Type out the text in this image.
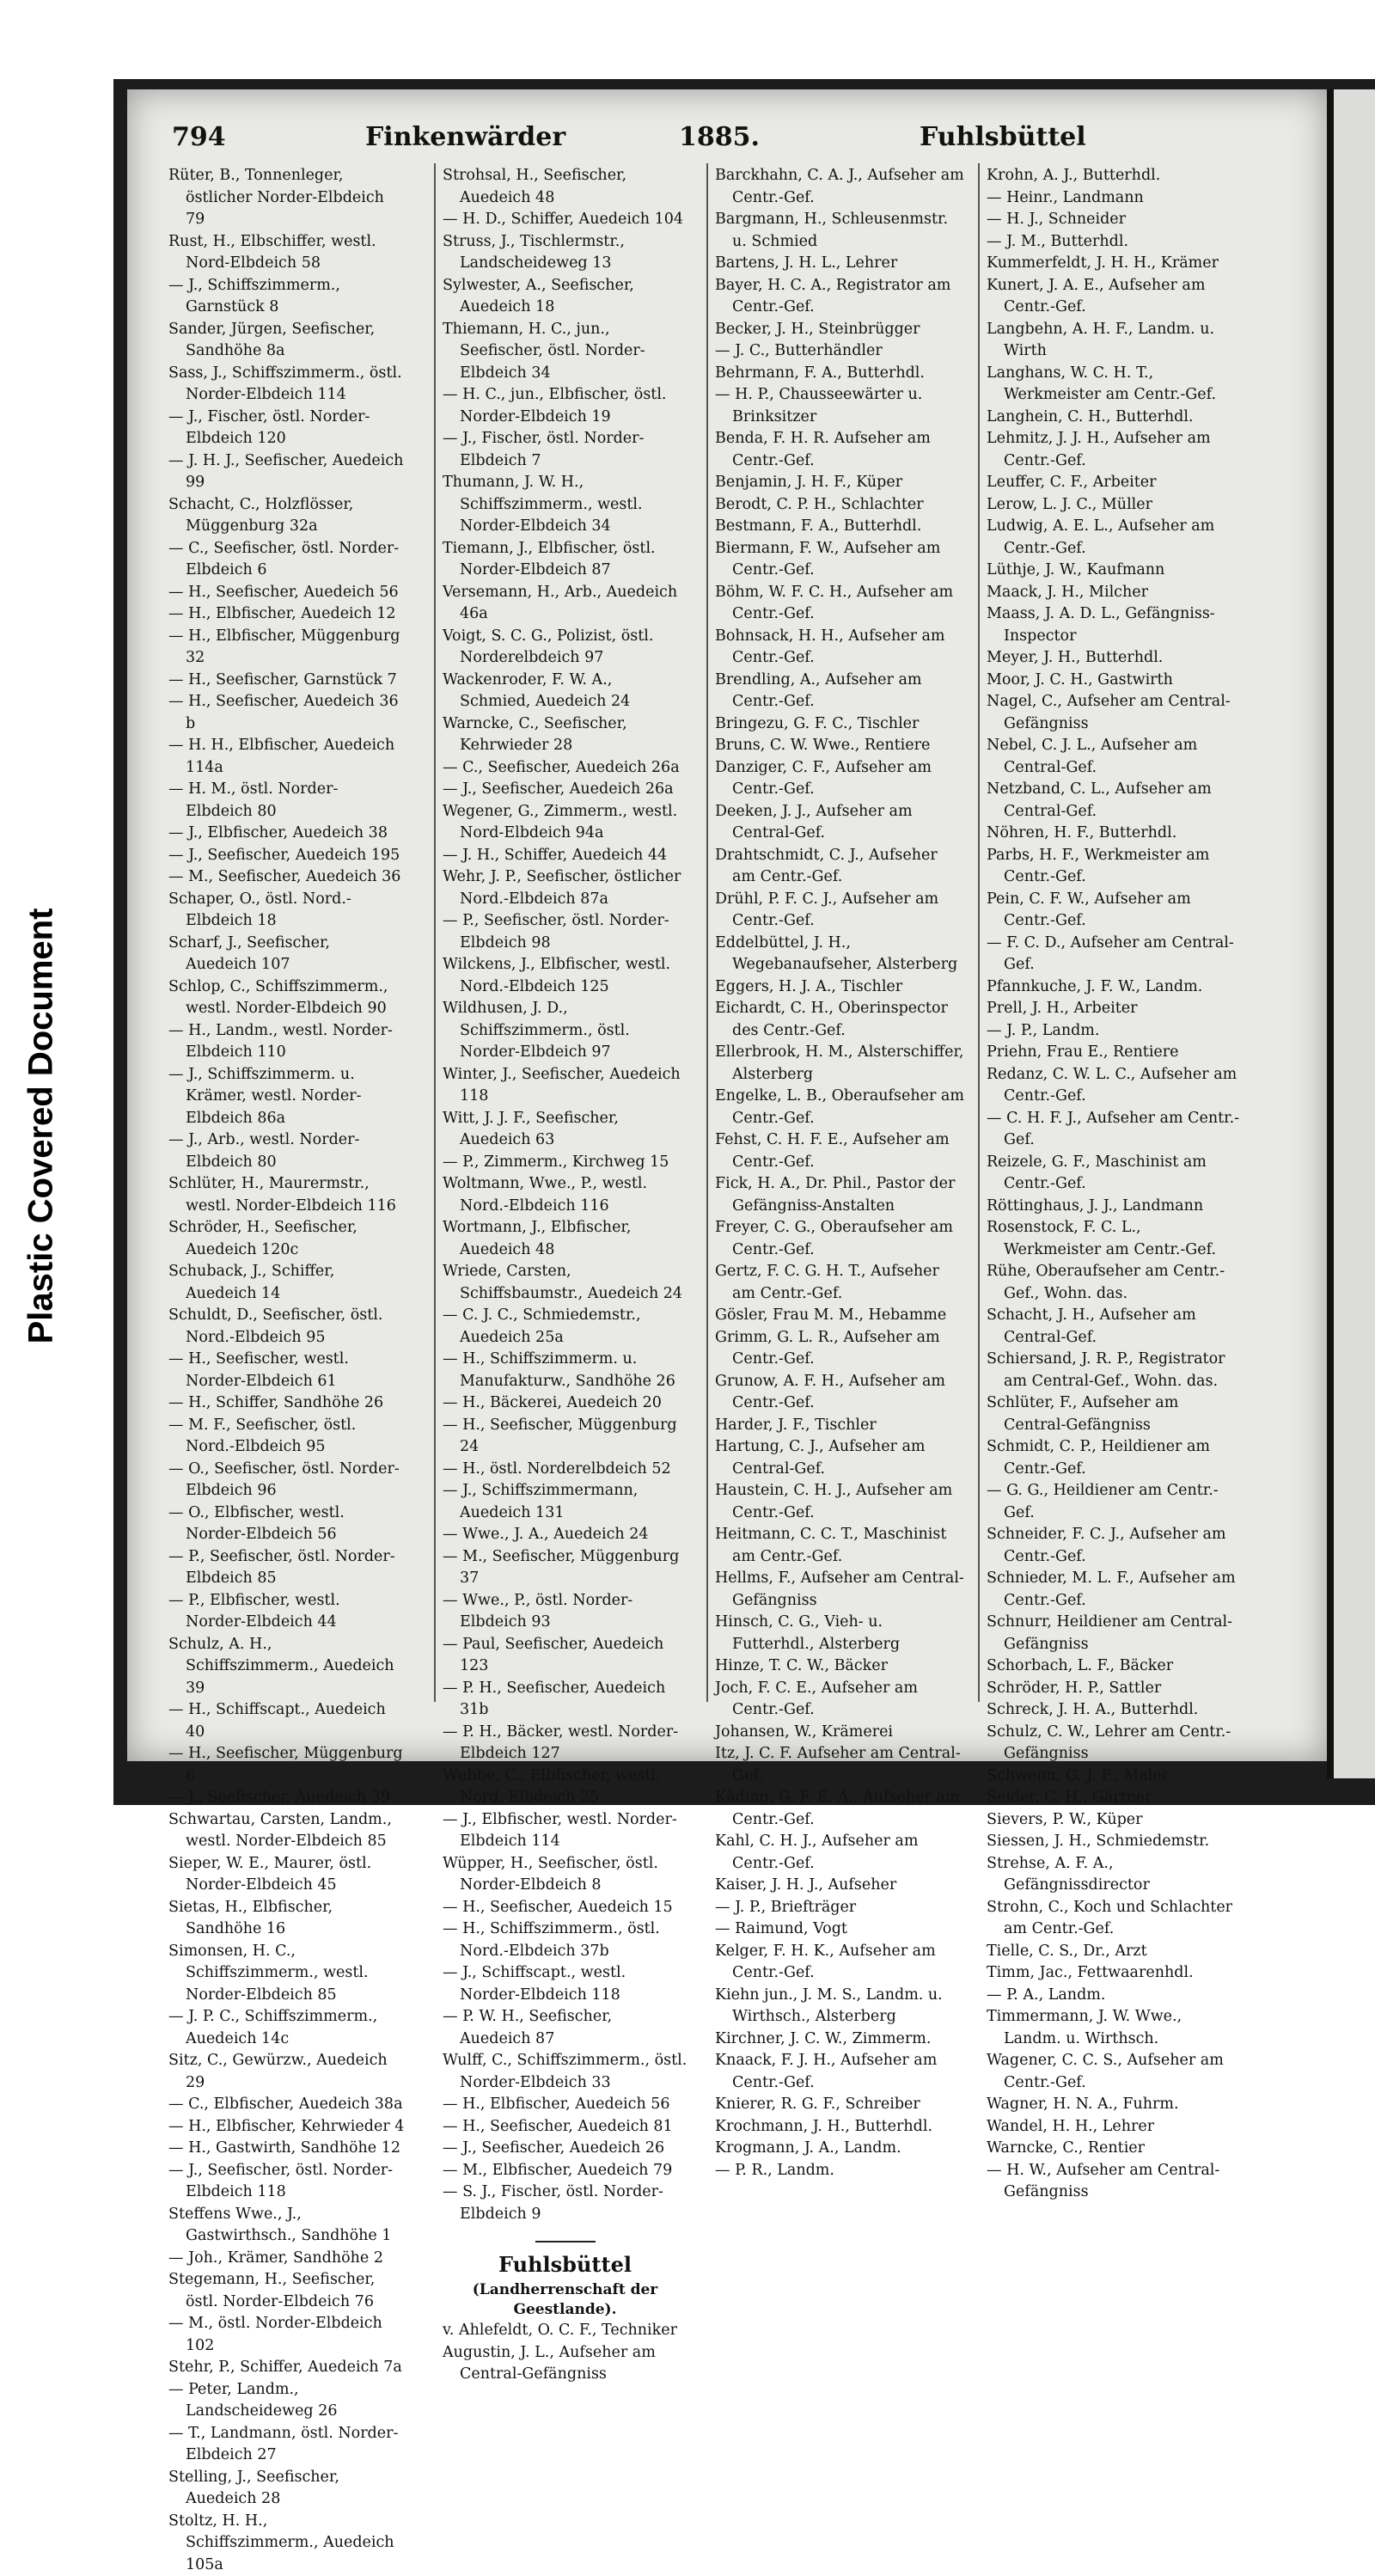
Plastic Covered Document
794	Finkenwärder	1885.	Fuhlsbüttel
Rüter, B., Tonnenleger, östlicher Norder-Elbdeich 79
Rust, H., Elbschiffer, westl. Nord-Elbdeich 58
— J., Schiffszimmerm., Garnstück 8
Sander, Jürgen, Seefischer, Sandhöhe 8a
Sass, J., Schiffszimmerm., östl. Norder-Elbdeich 114
— J., Fischer, östl. Norder-Elbdeich 120
— J. H. J., Seefischer, Auedeich 99
Schacht, C., Holzflösser, Müggenburg 32a
— C., Seefischer, östl. Norder-Elbdeich 6
— H., Seefischer, Auedeich 56
— H., Elbfischer, Auedeich 12
— H., Elbfischer, Müggenburg 32
— H., Seefischer, Garnstück 7
— H., Seefischer, Auedeich 36 b
— H. H., Elbfischer, Auedeich 114a
— H. M., östl. Norder-Elbdeich 80
— J., Elbfischer, Auedeich 38
— J., Seefischer, Auedeich 195
— M., Seefischer, Auedeich 36
Schaper, O., östl. Nord.-Elbdeich 18
Scharf, J., Seefischer, Auedeich 107
Schlop, C., Schiffszimmerm., westl. Norder-Elbdeich 90
— H., Landm., westl. Norder-Elbdeich 110
— J., Schiffszimmerm. u. Krämer, westl. Norder-Elbdeich 86a
— J., Arb., westl. Norder-Elbdeich 80
Schlüter, H., Maurermstr., westl. Norder-Elbdeich 116
Schröder, H., Seefischer, Auedeich 120c
Schuback, J., Schiffer, Auedeich 14
Schuldt, D., Seefischer, östl. Nord.-Elbdeich 95
— H., Seefischer, westl. Norder-Elbdeich 61
— H., Schiffer, Sandhöhe 26
— M. F., Seefischer, östl. Nord.-Elbdeich 95
— O., Seefischer, östl. Norder-Elbdeich 96
— O., Elbfischer, westl. Norder-Elbdeich 56
— P., Seefischer, östl. Norder-Elbdeich 85
— P., Elbfischer, westl. Norder-Elbdeich 44
Schulz, A. H., Schiffszimmerm., Auedeich 39
— H., Schiffscapt., Auedeich 40
— H., Seefischer, Müggenburg 6
— J., Seefischer, Auedeich 39
Schwartau, Carsten, Landm., westl. Norder-Elbdeich 85
Sieper, W. E., Maurer, östl. Norder-Elbdeich 45
Sietas, H., Elbfischer, Sandhöhe 16
Simonsen, H. C., Schiffszimmerm., westl. Norder-Elbdeich 85
— J. P. C., Schiffszimmerm., Auedeich 14c
Sitz, C., Gewürzw., Auedeich 29
— C., Elbfischer, Auedeich 38a
— H., Elbfischer, Kehrwieder 4
— H., Gastwirth, Sandhöhe 12
— J., Seefischer, östl. Norder-Elbdeich 118
Steffens Wwe., J., Gastwirthsch., Sandhöhe 1
— Joh., Krämer, Sandhöhe 2
Stegemann, H., Seefischer, östl. Norder-Elbdeich 76
— M., östl. Norder-Elbdeich 102
Stehr, P., Schiffer, Auedeich 7a
— Peter, Landm., Landscheideweg 26
— T., Landmann, östl. Norder-Elbdeich 27
Stelling, J., Seefischer, Auedeich 28
Stoltz, H. H., Schiffszimmerm., Auedeich 105a
Strohsal, H., Seefischer, Auedeich 48
— H. D., Schiffer, Auedeich 104
Struss, J., Tischlermstr., Landscheideweg 13
Sylwester, A., Seefischer, Auedeich 18
Thiemann, H. C., jun., Seefischer, östl. Norder-Elbdeich 34
— H. C., jun., Elbfischer, östl. Norder-Elbdeich 19
— J., Fischer, östl. Norder-Elbdeich 7
Thumann, J. W. H., Schiffszimmerm., westl. Norder-Elbdeich 34
Tiemann, J., Elbfischer, östl. Norder-Elbdeich 87
Versemann, H., Arb., Auedeich 46a
Voigt, S. C. G., Polizist, östl. Norderelbdeich 97
Wackenroder, F. W. A., Schmied, Auedeich 24
Warncke, C., Seefischer, Kehrwieder 28
— C., Seefischer, Auedeich 26a
— J., Seefischer, Auedeich 26a
Wegener, G., Zimmerm., westl. Nord-Elbdeich 94a
— J. H., Schiffer, Auedeich 44
Wehr, J. P., Seefischer, östlicher Nord.-Elbdeich 87a
— P., Seefischer, östl. Norder-Elbdeich 98
Wilckens, J., Elbfischer, westl. Nord.-Elbdeich 125
Wildhusen, J. D., Schiffszimmerm., östl. Norder-Elbdeich 97
Winter, J., Seefischer, Auedeich 118
Witt, J. J. F., Seefischer, Auedeich 63
— P., Zimmerm., Kirchweg 15
Woltmann, Wwe., P., westl. Nord.-Elbdeich 116
Wortmann, J., Elbfischer, Auedeich 48
Wriede, Carsten, Schiffsbaumstr., Auedeich 24
— C. J. C., Schmiedemstr., Auedeich 25a
— H., Schiffszimmerm. u. Manufakturw., Sandhöhe 26
— H., Bäckerei, Auedeich 20
— H., Seefischer, Müggenburg 24
— H., östl. Norderelbdeich 52
— J., Schiffszimmermann, Auedeich 131
— Wwe., J. A., Auedeich 24
— M., Seefischer, Müggenburg 37
— Wwe., P., östl. Norder-Elbdeich 93
— Paul, Seefischer, Auedeich 123
— P. H., Seefischer, Auedeich 31b
— P. H., Bäcker, westl. Norder-Elbdeich 127
Wubbe, C., Elbfischer, westl. Nord. Elbdeich 25
— J., Elbfischer, westl. Norder-Elbdeich 114
Wüpper, H., Seefischer, östl. Norder-Elbdeich 8
— H., Seefischer, Auedeich 15
— H., Schiffszimmerm., östl. Nord.-Elbdeich 37b
— J., Schiffscapt., westl. Norder-Elbdeich 118
— P. W. H., Seefischer, Auedeich 87
Wulff, C., Schiffszimmerm., östl. Norder-Elbdeich 33
— H., Elbfischer, Auedeich 56
— H., Seefischer, Auedeich 81
— J., Seefischer, Auedeich 26
— M., Elbfischer, Auedeich 79
— S. J., Fischer, östl. Norder-Elbdeich 9
Fuhlsbüttel
(Landherrenschaft der Geestlande).
v. Ahlefeldt, O. C. F., Techniker
Augustin, J. L., Aufseher am Central-Gefängniss
Barckhahn, C. A. J., Aufseher am Centr.-Gef.
Bargmann, H., Schleusenmstr. u. Schmied
Bartens, J. H. L., Lehrer
Bayer, H. C. A., Registrator am Centr.-Gef.
Becker, J. H., Steinbrügger
— J. C., Butterhändler
Behrmann, F. A., Butterhdl.
— H. P., Chausseewärter u. Brinksitzer
Benda, F. H. R. Aufseher am Centr.-Gef.
Benjamin, J. H. F., Küper
Berodt, C. P. H., Schlachter
Bestmann, F. A., Butterhdl.
Biermann, F. W., Aufseher am Centr.-Gef.
Böhm, W. F. C. H., Aufseher am Centr.-Gef.
Bohnsack, H. H., Aufseher am Centr.-Gef.
Brendling, A., Aufseher am Centr.-Gef.
Bringezu, G. F. C., Tischler
Bruns, C. W. Wwe., Rentiere
Danziger, C. F., Aufseher am Centr.-Gef.
Deeken, J. J., Aufseher am Central-Gef.
Drahtschmidt, C. J., Aufseher am Centr.-Gef.
Drühl, P. F. C. J., Aufseher am Centr.-Gef.
Eddelbüttel, J. H., Wegebanaufseher, Alsterberg
Eggers, H. J. A., Tischler
Eichardt, C. H., Oberinspector des Centr.-Gef.
Ellerbrook, H. M., Alsterschiffer, Alsterberg
Engelke, L. B., Oberaufseher am Centr.-Gef.
Fehst, C. H. F. E., Aufseher am Centr.-Gef.
Fick, H. A., Dr. Phil., Pastor der Gefängniss-Anstalten
Freyer, C. G., Oberaufseher am Centr.-Gef.
Gertz, F. C. G. H. T., Aufseher am Centr.-Gef.
Gösler, Frau M. M., Hebamme
Grimm, G. L. R., Aufseher am Centr.-Gef.
Grunow, A. F. H., Aufseher am Centr.-Gef.
Harder, J. F., Tischler
Hartung, C. J., Aufseher am Central-Gef.
Haustein, C. H. J., Aufseher am Centr.-Gef.
Heitmann, C. C. T., Maschinist am Centr.-Gef.
Hellms, F., Aufseher am Central-Gefängniss
Hinsch, C. G., Vieh- u. Futterhdl., Alsterberg
Hinze, T. C. W., Bäcker
Joch, F. C. E., Aufseher am Centr.-Gef.
Johansen, W., Krämerei
Itz, J. C. F. Aufseher am Central-Gef.
Käding, G. F. E. A., Aufseher am Centr.-Gef.
Kahl, C. H. J., Aufseher am Centr.-Gef.
Kaiser, J. H. J., Aufseher
— J. P., Briefträger
— Raimund, Vogt
Kelger, F. H. K., Aufseher am Centr.-Gef.
Kiehn jun., J. M. S., Landm. u. Wirthsch., Alsterberg
Kirchner, J. C. W., Zimmerm.
Knaack, F. J. H., Aufseher am Centr.-Gef.
Knierer, R. G. F., Schreiber
Krochmann, J. H., Butterhdl.
Krogmann, J. A., Landm.
— P. R., Landm.
Krohn, A. J., Butterhdl.
— Heinr., Landmann
— H. J., Schneider
— J. M., Butterhdl.
Kummerfeldt, J. H. H., Krämer
Kunert, J. A. E., Aufseher am Centr.-Gef.
Langbehn, A. H. F., Landm. u. Wirth
Langhans, W. C. H. T., Werkmeister am Centr.-Gef.
Langhein, C. H., Butterhdl.
Lehmitz, J. J. H., Aufseher am Centr.-Gef.
Leuffer, C. F., Arbeiter
Lerow, L. J. C., Müller
Ludwig, A. E. L., Aufseher am Centr.-Gef.
Lüthje, J. W., Kaufmann
Maack, J. H., Milcher
Maass, J. A. D. L., Gefängniss-Inspector
Meyer, J. H., Butterhdl.
Moor, J. C. H., Gastwirth
Nagel, C., Aufseher am Central-Gefängniss
Nebel, C. J. L., Aufseher am Central-Gef.
Netzband, C. L., Aufseher am Central-Gef.
Nöhren, H. F., Butterhdl.
Parbs, H. F., Werkmeister am Centr.-Gef.
Pein, C. F. W., Aufseher am Centr.-Gef.
— F. C. D., Aufseher am Central-Gef.
Pfannkuche, J. F. W., Landm.
Prell, J. H., Arbeiter
— J. P., Landm.
Priehn, Frau E., Rentiere
Redanz, C. W. L. C., Aufseher am Centr.-Gef.
— C. H. F. J., Aufseher am Centr.-Gef.
Reizele, G. F., Maschinist am Centr.-Gef.
Röttinghaus, J. J., Landmann
Rosenstock, F. C. L., Werkmeister am Centr.-Gef.
Rühe, Oberaufseher am Centr.-Gef., Wohn. das.
Schacht, J. H., Aufseher am Central-Gef.
Schiersand, J. R. P., Registrator am Central-Gef., Wohn. das.
Schlüter, F., Aufseher am Central-Gefängniss
Schmidt, C. P., Heildiener am Centr.-Gef.
— G. G., Heildiener am Centr.-Gef.
Schneider, F. C. J., Aufseher am Centr.-Gef.
Schnieder, M. L. F., Aufseher am Centr.-Gef.
Schnurr, Heildiener am Central-Gefängniss
Schorbach, L. F., Bäcker
Schröder, H. P., Sattler
Schreck, J. H. A., Butterhdl.
Schulz, C. W., Lehrer am Centr.-Gefängniss
Schwenn, G. J. F., Maler
Seider, C. H., Gärtner
Sievers, P. W., Küper
Siessen, J. H., Schmiedemstr.
Strehse, A. F. A., Gefängnissdirector
Strohn, C., Koch und Schlachter am Centr.-Gef.
Tielle, C. S., Dr., Arzt
Timm, Jac., Fettwaarenhdl.
— P. A., Landm.
Timmermann, J. W. Wwe., Landm. u. Wirthsch.
Wagener, C. C. S., Aufseher am Centr.-Gef.
Wagner, H. N. A., Fuhrm.
Wandel, H. H., Lehrer
Warncke, C., Rentier
— H. W., Aufseher am Central-Gefängniss
